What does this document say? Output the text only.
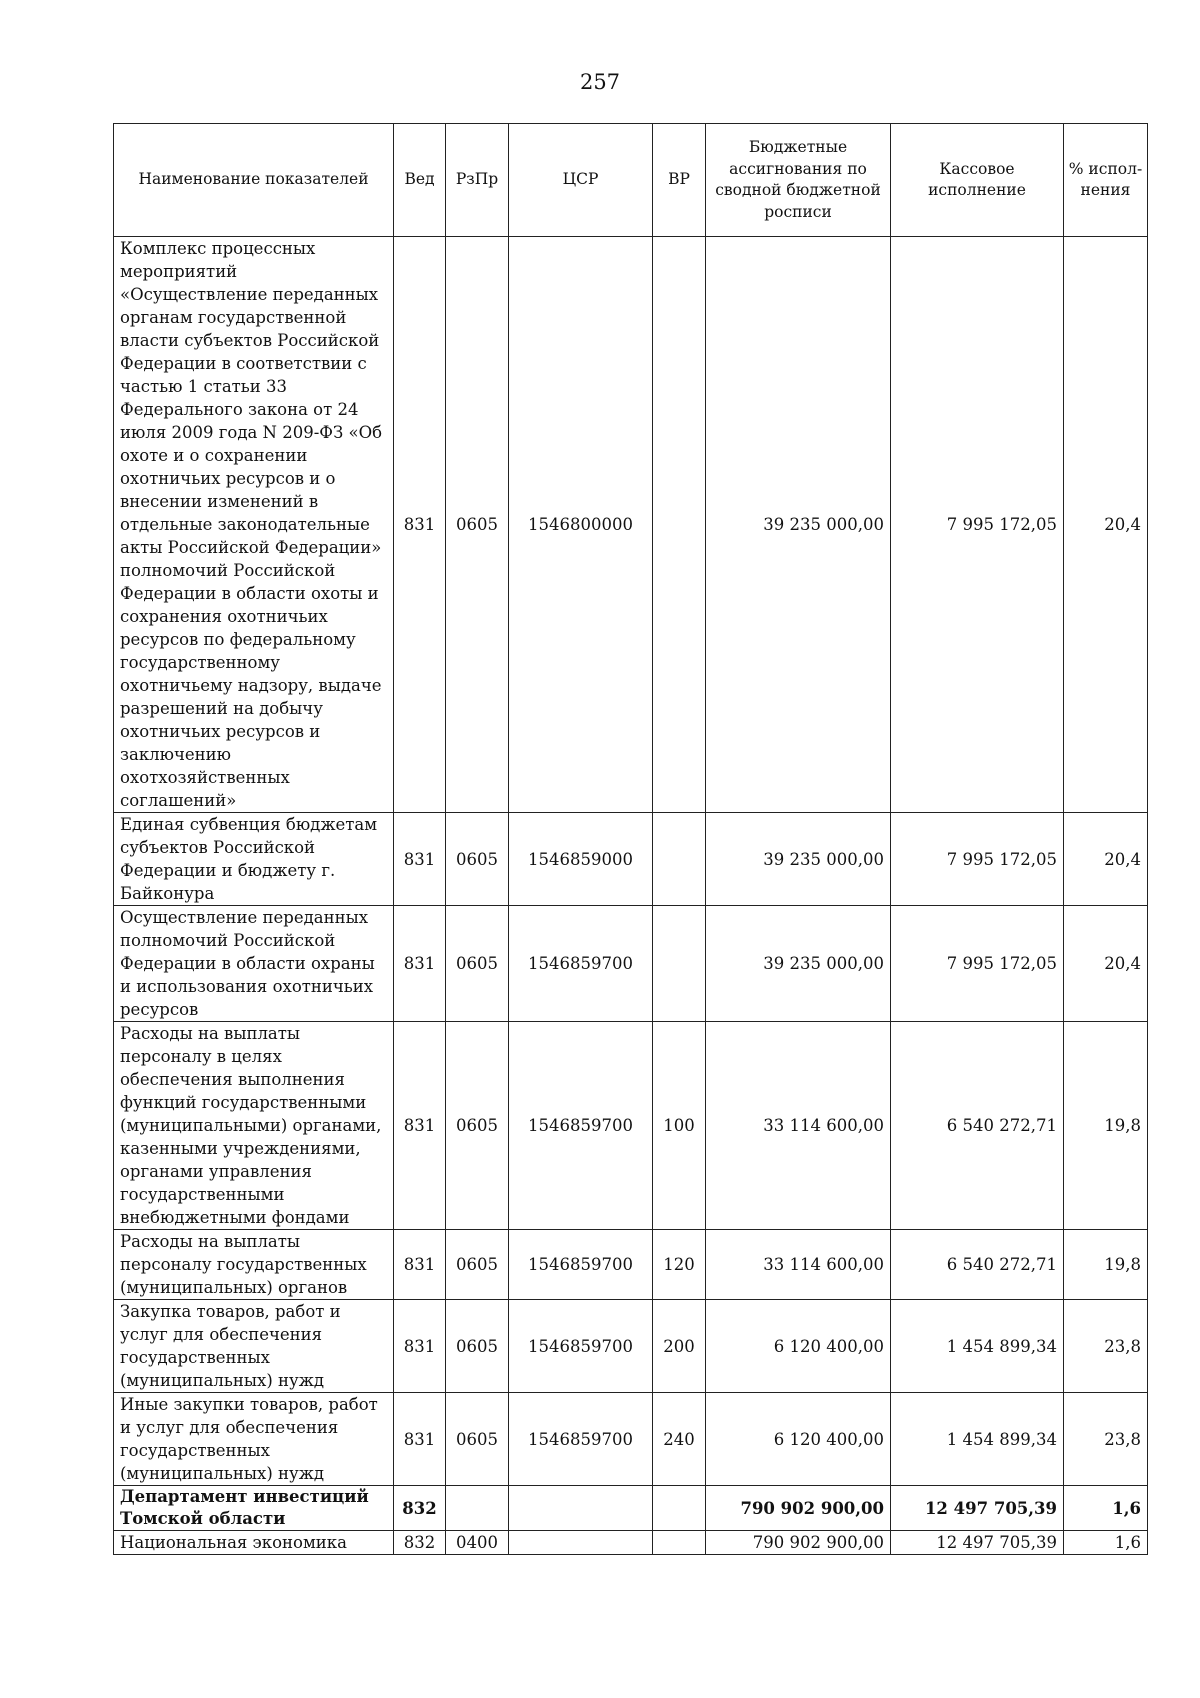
257
Наименование показателей	Вед	РзПр	ЦСР	ВР	Бюджетные ассигнования по сводной бюджетной росписи	Кассовое исполнение	% испол-нения
Комплекс процессных мероприятий «Осуществление переданных органам государственной власти субъектов Российской Федерации в соответствии с частью 1 статьи 33 Федерального закона от 24 июля 2009 года N 209-ФЗ «Об охоте и о сохранении охотничьих ресурсов и о внесении изменений в отдельные законодательные акты Российской Федерации» полномочий Российской Федерации в области охоты и сохранения охотничьих ресурсов по федеральному государственному охотничьему надзору, выдаче разрешений на добычу охотничьих ресурсов и заключению охотхозяйственных соглашений»	831	0605	1546800000		39 235 000,00	7 995 172,05	20,4
Единая субвенция бюджетам субъектов Российской Федерации и бюджету г. Байконура	831	0605	1546859000		39 235 000,00	7 995 172,05	20,4
Осуществление переданных полномочий Российской Федерации в области охраны и использования охотничьих ресурсов	831	0605	1546859700		39 235 000,00	7 995 172,05	20,4
Расходы на выплаты персоналу в целях обеспечения выполнения функций государственными (муниципальными) органами, казенными учреждениями, органами управления государственными внебюджетными фондами	831	0605	1546859700	100	33 114 600,00	6 540 272,71	19,8
Расходы на выплаты персоналу государственных (муниципальных) органов	831	0605	1546859700	120	33 114 600,00	6 540 272,71	19,8
Закупка товаров, работ и услуг для обеспечения государственных (муниципальных) нужд	831	0605	1546859700	200	6 120 400,00	1 454 899,34	23,8
Иные закупки товаров, работ и услуг для обеспечения государственных (муниципальных) нужд	831	0605	1546859700	240	6 120 400,00	1 454 899,34	23,8
Департамент инвестиций Томской области	832				790 902 900,00	12 497 705,39	1,6
Национальная экономика	832	0400			790 902 900,00	12 497 705,39	1,6
